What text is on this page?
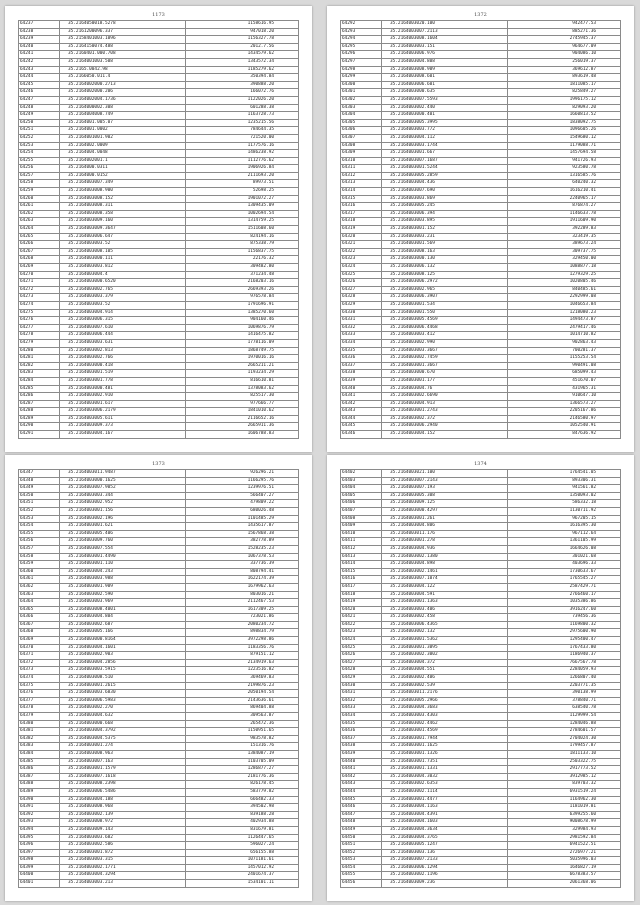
1173
64237	35.2164050018.5278	1158616.95
64238	35.2161200096.337	947018.20
64239	35.2158401003.1096	1156327.78
64240	35.2164150074.488	2012.7.56
64241	35.2160401.000.708	1434579.62
64242	35.2164001003.508	1343572.34
64243	35.2165.0042.98	1185279.62
64244	35.2166050.011.4	350394.84
64245	35.2164002000.2713	390888.20
64246	35.2164002000.206	166072.76
64247	35.2164002004.1736	1122026.20
64248	35.2164000002.308	601288.38
64249	35.2164004008.749	1163728.73
64250	35.2164001.005.07	1235215.56
64251	35.2164001.0002	784644.35
64252	35.2164001001.902	721520.00
64253	35.2164002.0009	1177576.16
64254	35.2164004.0048	1486238.92
64255	35.2164002001.1	1112776.62
64256	35.2164000.0311	1906926.84
64257	35.2164000.0152	2111693.20
64258	35.2164003007.349	89973.51
64259	35.2164003008.900	52698.25
64260	35.2164003008.152	1901072.27
64261	35.2164003008.311	1309435.09
64262	35.2164003008.358	1002694.54
64263	35.2164003009.160	1314759.25
64264	35.2164003009.3647	1511608.60
64265	35.2164003006.647	824194.16
64266	35.2164003003.52	875338.79
64267	35.2164003008.105	1156837.75
64268	35.2164003000.111	22176.32
64269	35.2164003003.812	309482.80
64270	35.2164003004.4	371234.48
64271	35.2164003000.6520	2168203.16
64272	35.2164003002.765	2669393.26
64273	35.2164003003.379	976578.84
64274	35.2164003003.52	1791696.91
64275	35.2164003004.914	1385270.60
64276	35.2164003006.315	904160.46
64277	35.2164003007.610	1069876.79
64278	35.2164003006.444	1416475.82
64279	35.2164003003.631	1778116.09
64280	35.2164003002.813	1868749.75
64281	35.2164003002.766	1970016.16
64282	35.2164003000.418	2665211.21
64283	35.2164003001.519	1193234.29
64284	35.2164003001.778	816610.81
64285	35.2164003000.481	1378083.62
64286	35.2164003002.910	825517.30
64287	35.2164003001.617	977666.77
64288	35.2164003006.2179	1841010.62
64289	35.2164003005.611	2116652.16
64290	35.2164003009.373	2665911.36
64291	35.2164003004.167	1606788.83
1372
64292	35.2164003020.100	942477.53
64293	35.2164003007.2113	885271.36
64294	35.2164003008.1604	2745945.37
64295	35.2164003003.151	964677.09
64296	35.2164003006.976	904086.10
64297	35.2164003004.808	256019.37
64298	35.2164003008.909	369612.87
64299	35.2164003008.601	893619.48
64300	35.2164003006.601	1811085.17
64301	35.2164003000.635	825849.27
64302	35.2164003007.5593	1996175.12
64303	35.2164003002.440	829093.20
64304	35.2164003000.401	1660813.52
64305	35.2164003005.3995	1838092.75
64306	35.2164003003.772	1096605.26
64307	35.2164003004.112	1549680.12
64308	35.2164003003.1744	1179088.71
64309	35.2164003001.667	1457694.58
64310	35.2164003007.1687	941726.93
64311	35.2164003001.5244	923580.78
64312	35.2164003005.2859	1316585.76
64313	35.2164003004.436	640240.32
64314	35.2164003007.690	1616210.41
64315	35.2164003003.869	2240965.17
64316	35.2164003005.245	876874.27
64317	35.2164003006.394	1146633.78
64318	35.2164003003.895	1911609.90
64319	35.2164003001.152	392289.83
64320	35.2164003003.231	323419.35
64321	35.2164003001.569	389673.24
64322	35.2164003008.163	309737.75
64323	35.2164003000.130	329450.00
64324	35.2164003006.132	1088877.18
64325	35.2164003008.125	1279329.25
64326	35.2164003006.2972	1020805.46
64327	35.2164003002.965	840485.61
64328	35.2164003006.3907	2292999.08
64329	35.2164003001.534	1046653.84
64330	35.2164003001.550	1218080.23
64331	35.2164003005.4569	1494473.87
64332	35.2164003006.4468	2479417.46
64333	35.2164003003.412	1014710.82
64334	35.2164003002.990	902863.43
64335	35.2164003003.3667	700281.37
64336	35.2164003002.7459	1155253.54
64337	35.2164003001.3667	990491.08
64338	35.2164003000.670	685099.43
64339	35.2164003001.177	451670.07
64340	35.2164003004.76	431965.31
64341	35.2164003002.6690	910647.10
64342	35.2164003004.913	1366573.27
64343	35.2164003001.2743	2205167.86
64344	35.2164003002.372	2146580.97
64345	35.2164003006.2940	1052540.91
64346	35.2164003004.152	847636.92
1373
64347	35.2164003011.9487	926296.21
64348	35.2164003000.1625	1166295.76
64349	35.2164003007.9052	1239976.51
64350	35.2164003003.344	566407.27
64351	35.2164003002.952	479809.22
64352	35.2164003001.156	680026.48
64353	35.2164003002.196	1101485.29
64354	35.2164003001.621	1435617.87
64355	35.2164003005.406	1567868.38
64356	35.2164003009.760	382778.89
64357	35.2164003007.554	1528235.23
64358	35.2164003001.4490	1067378.53
64359	35.2164003001.110	337736.39
64360	35.2164003004.243	808794.41
64361	35.2164003003.988	1622174.39
64362	35.2164003001.909	1679962.63
64363	35.2164003002.590	803016.21
64364	35.2164003003.969	2112467.53
64365	35.2164003008.4001	1617309.25
64366	35.2164003004.804	723021.86
64367	35.2164003002.687	2080234.72
64368	35.2164003005.166	898834.79
64369	35.2164003000.8164	3972298.86
64370	35.2164003004.1601	1183356.76
64371	35.2164003002.903	879151.12
64372	35.2164003004.2856	2134919.63
64373	35.2164003003.5915	1223516.82
64374	35.2164003008.510	369469.83
64375	35.2164003001.2615	2199876.23
64376	35.2164003003.6830	2050194.54
64377	35.2164003006.5983	2143636.61
64378	35.2164003002.270	869404.88
64379	35.2164003004.632	309563.87
64380	35.2164003000.668	265472.36
64381	35.2164003004.3792	1150951.65
64382	35.2164003004.5375	983578.82
64383	35.2164003001.274	151316.76
64384	35.2164003008.963	1384087.19
64385	35.2164003007.163	1103705.09
64386	35.2164003001.1579	1286877.27
64387	35.2164003007.1618	2181776.36
64388	35.2164003008.2398	826178.45
64389	35.2164003006.5486	583779.82
64390	35.2164003004.188	666482.33
64391	35.2164003008.968	394502.98
64392	35.2164003002.139	839188.28
64393	35.2164003008.972	402934.88
64394	35.2164003009.143	831679.81
64395	35.2164003003.682	1126447.65
64396	35.2164003002.586	596027.24
64397	35.2164003001.872	656155.88
64398	35.2164003003.315	1071181.61
64399	35.2164003002.1771	1457012.92
64400	35.2164003004.3294	2401674.37
64401	35.2164003003.213	1534101.11
1374
64402	35.2164003021.100	1764541.05
64403	35.2164003007.2143	893306.31
64404	35.2164003007.193	941561.82
64405	35.2164003005.308	1350093.02
64406	35.2164003009.125	586332.18
64407	35.2164003000.4297	1130711.92
64408	35.2164003001.261	967205.15
64409	35.2164003004.806	1616395.30
64410	35.2164003011.176	967112.64
64411	35.2164003001.278	1361105.99
64412	35.2164003004.936	1664626.08
64413	35.2164003002.1380	301021.68
64414	35.2164003004.898	403696.33
64415	35.2164003002.1461	1730633.67
64416	35.2164003007.1074	1765545.27
64417	35.2164003004.122	2587429.71
64418	35.2164003004.591	2766460.17
64419	35.2164003001.1363	1035386.86
64420	35.2164003003.406	3916247.60
64421	35.2164003002.458	739456.36
64422	35.2164003006.4365	1169800.32
64423	35.2164003002.132	2975600.90
64424	35.2164003001.5362	1295400.47
64425	35.2164003001.3095	1767433.80
64426	35.2164003002.3002	1186940.37
64427	35.2164003004.372	7667567.78
64428	35.2164003004.551	2284059.93
64429	35.2164003002.406	1266807.40
64430	35.2164003002.539	2203771.35
64431	35.2164003011.2176	390138.99
64432	35.2164003005.2966	378840.71
64433	35.2164003004.3683	638540.78
64434	35.2164003003.4303	1129999.54
64435	35.2164003002.4462	1284046.88
64436	35.2164003001.4569	2784601.57
64437	35.2164003001.7944	2704024.30
64438	35.2164003001.1625	1799457.87
64439	35.2164003001.1326	1811133.10
64440	35.2164003001.7351	2503322.75
64441	35.2164003001.1331	2917773.52
64442	35.2164003004.3032	3912985.12
64443	35.2164003002.6353	839703.32
64444	35.2164003002.1114	6931519.24
64445	35.2164003001.4477	1164962.30
64446	35.2164003004.1163	1181019.81
64447	35.2164003004.4391	6399255.60
64448	35.2164003004.1603	9008678.99
64449	35.2164003004.3634	329984.93
64450	35.2164003004.3765	2981592.84
64451	35.2164003005.1247	6941522.51
64452	35.2164003003.136	2726977.21
64453	35.2164003007.2133	5035996.03
64454	35.2164003006.1294	1646827.19
64455	35.2164003002.1196	6678383.57
64456	35.2164003009.236	2061368.06
